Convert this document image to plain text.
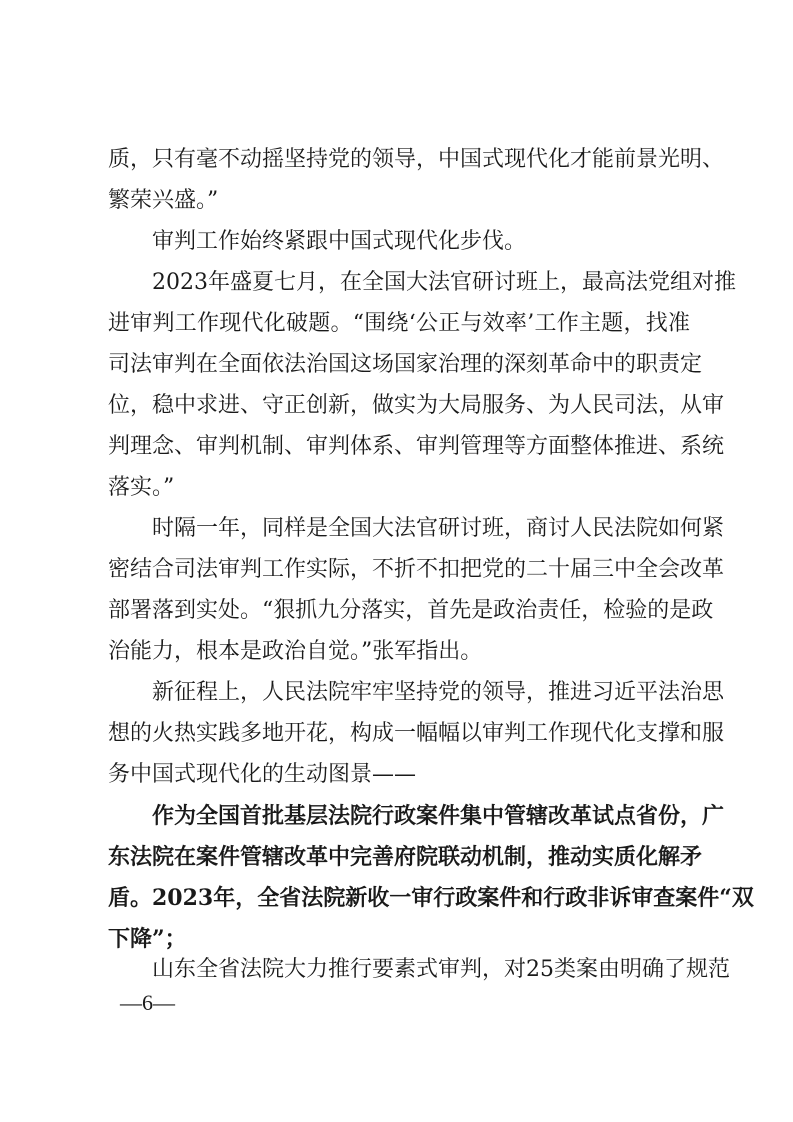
质，只有毫不动摇坚持党的领导，中国式现代化才能前景光明、
繁荣兴盛。”
审判工作始终紧跟中国式现代化步伐。
2023年盛夏七月，在全国大法官研讨班上，最高法党组对推
进审判工作现代化破题。“围绕‘公正与效率’工作主题，找准
司法审判在全面依法治国这场国家治理的深刻革命中的职责定
位，稳中求进、守正创新，做实为大局服务、为人民司法，从审
判理念、审判机制、审判体系、审判管理等方面整体推进、系统
落实。”
时隔一年，同样是全国大法官研讨班，商讨人民法院如何紧
密结合司法审判工作实际，不折不扣把党的二十届三中全会改革
部署落到实处。“狠抓九分落实，首先是政治责任，检验的是政
治能力，根本是政治自觉。”张军指出。
新征程上，人民法院牢牢坚持党的领导，推进习近平法治思
想的火热实践多地开花，构成一幅幅以审判工作现代化支撑和服
务中国式现代化的生动图景——
作为全国首批基层法院行政案件集中管辖改革试点省份，广
东法院在案件管辖改革中完善府院联动机制，推动实质化解矛
盾。2023年，全省法院新收一审行政案件和行政非诉审查案件“双
下降”；
山东全省法院大力推行要素式审判，对25类案由明确了规范
—6—
